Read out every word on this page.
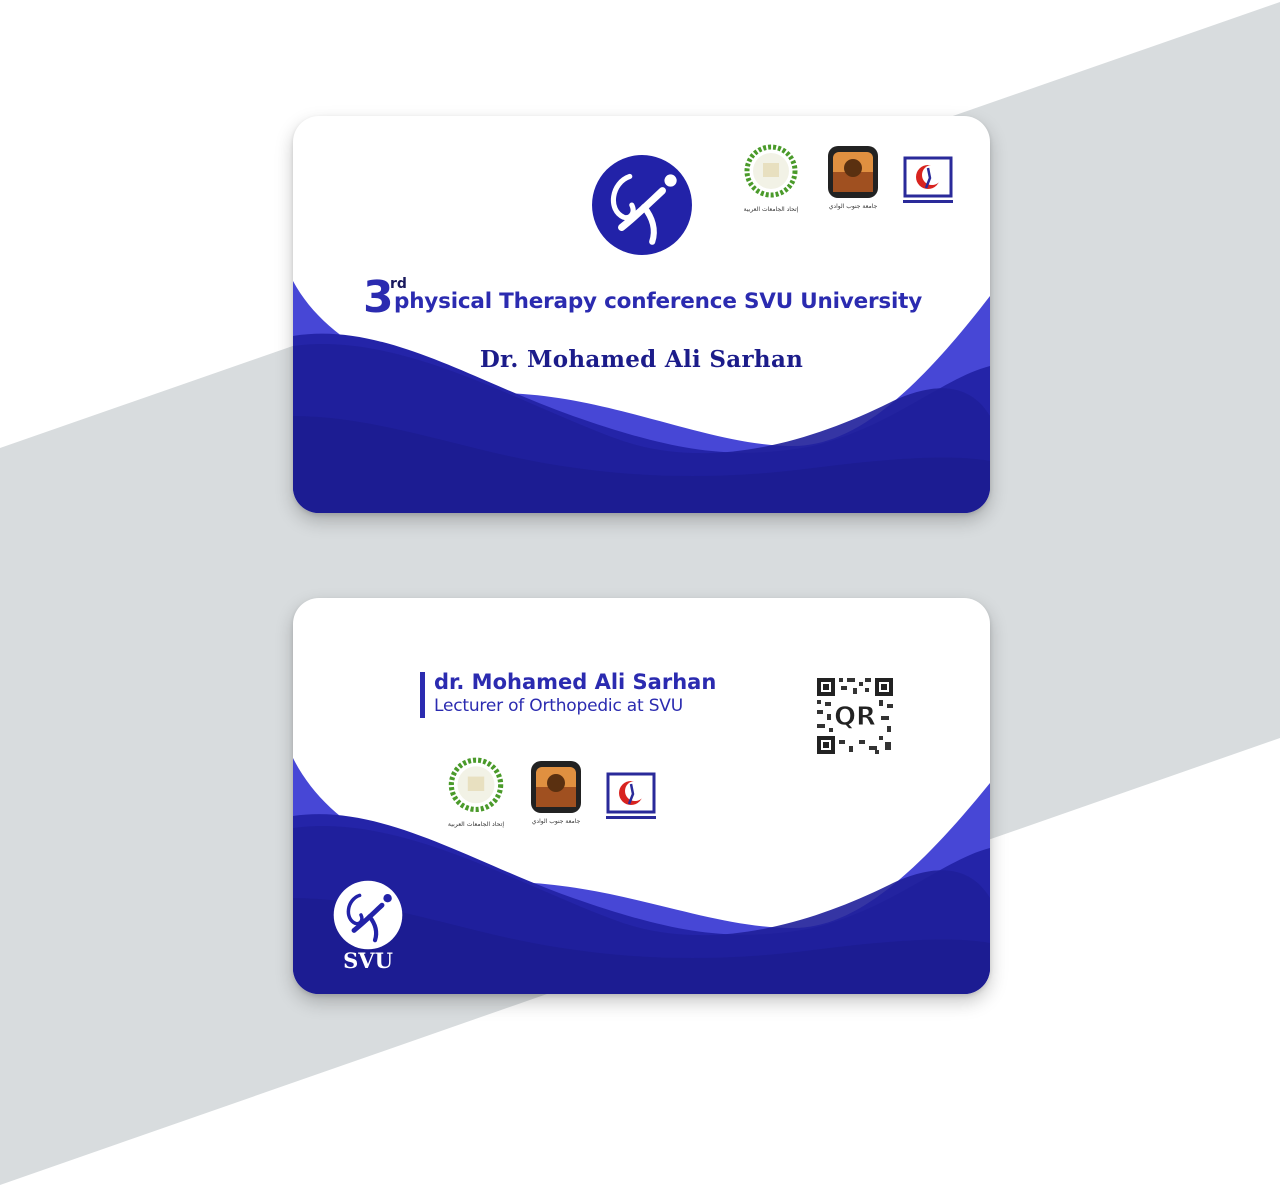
إتحاد الجامعات العربية	جامعة جنوب الوادي
3
rd
physical Therapy conference SVU University
Dr. Mohamed Ali Sarhan
dr. Mohamed Ali Sarhan
Lecturer of Orthopedic at SVU	QR
إتحاد الجامعات العربية	جامعة جنوب الوادي
SVU
